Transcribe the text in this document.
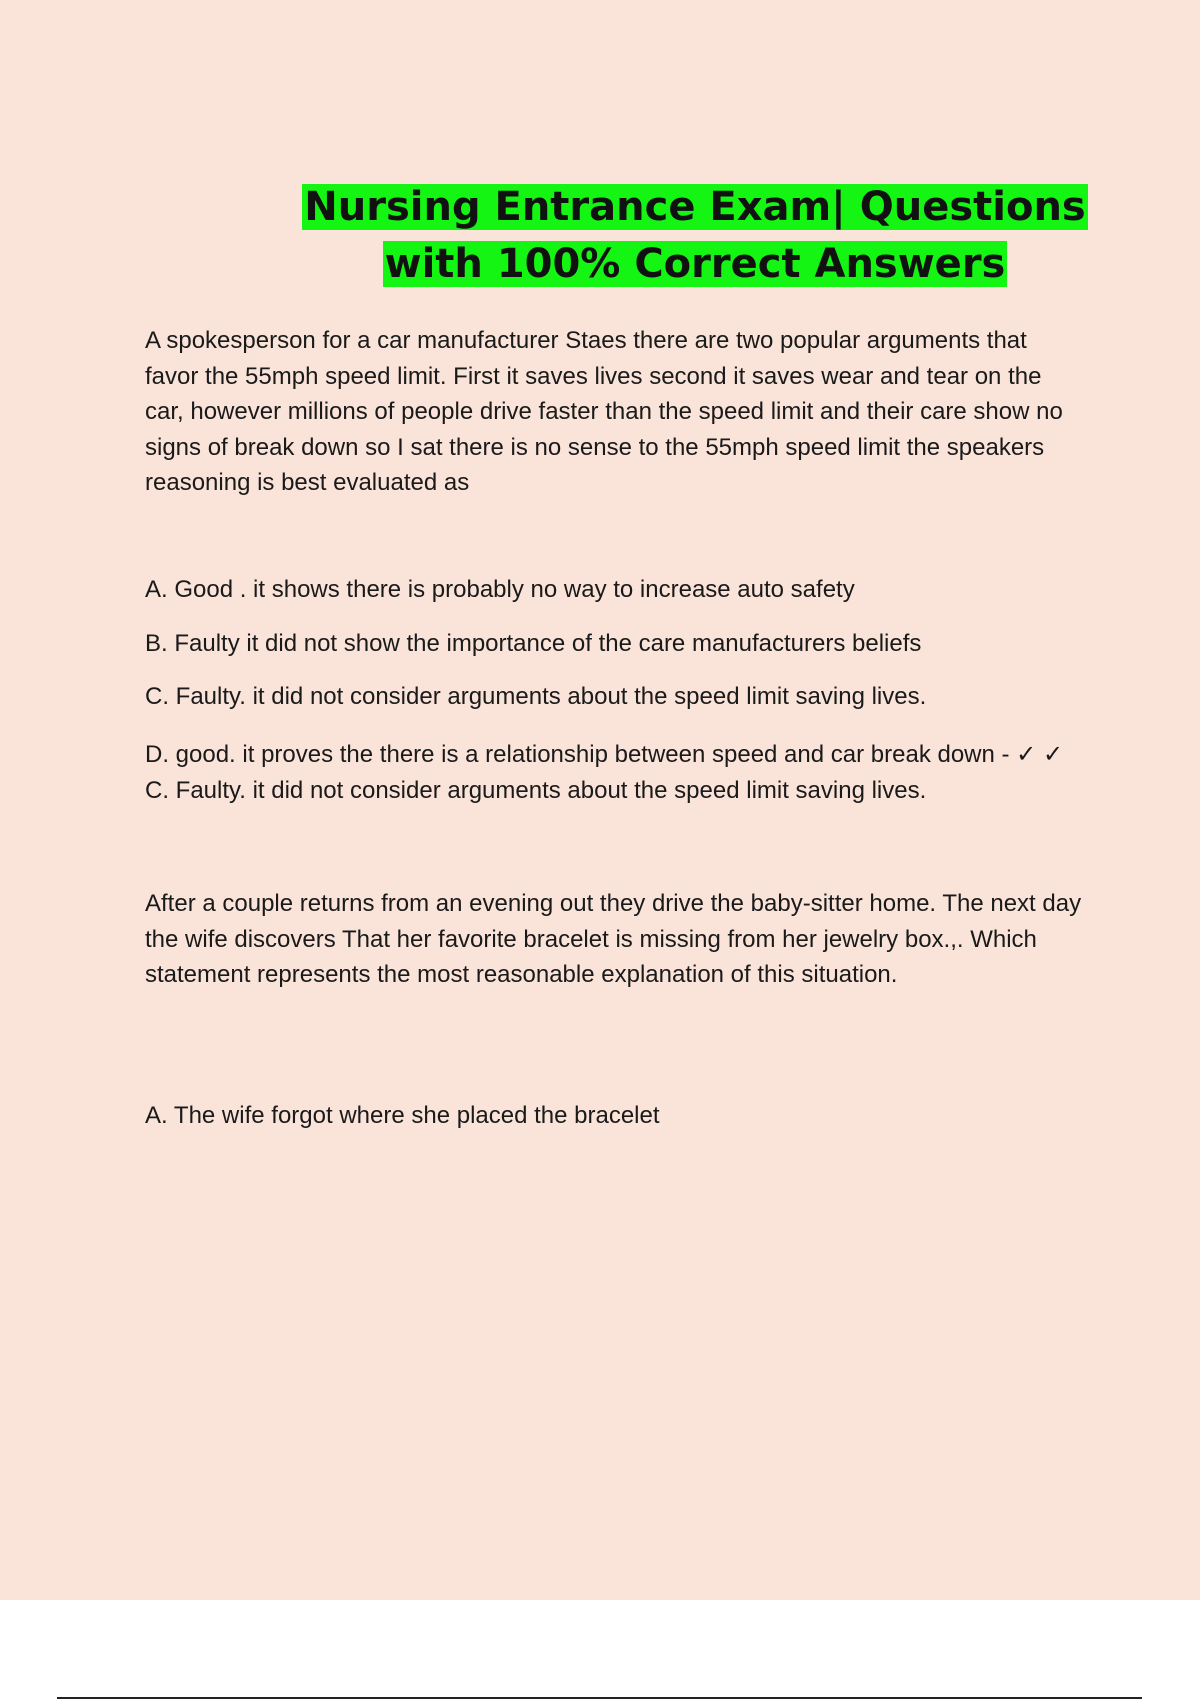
Nursing Entrance Exam| Questions with 100% Correct Answers

A spokesperson for a car manufacturer Staes there are two popular arguments that favor the 55mph speed limit. First it saves lives second it saves wear and tear on the car, however millions of people drive faster than the speed limit and their care show no signs of break down so I sat there is no sense to the 55mph speed limit the speakers reasoning is best evaluated as

A. Good . it shows there is probably no way to increase auto safety

B. Faulty it did not show the importance of the care manufacturers beliefs

C. Faulty. it did not consider arguments about the speed limit saving lives.

D. good. it proves the there is a relationship between speed and car break down - ✓ ✓ C. Faulty. it did not consider arguments about the speed limit saving lives.

After a couple returns from an evening out they drive the baby-sitter home. The next day the wife discovers That her favorite bracelet is missing from her jewelry box.,. Which statement represents the most reasonable explanation of this situation.

A. The wife forgot where she placed the bracelet
